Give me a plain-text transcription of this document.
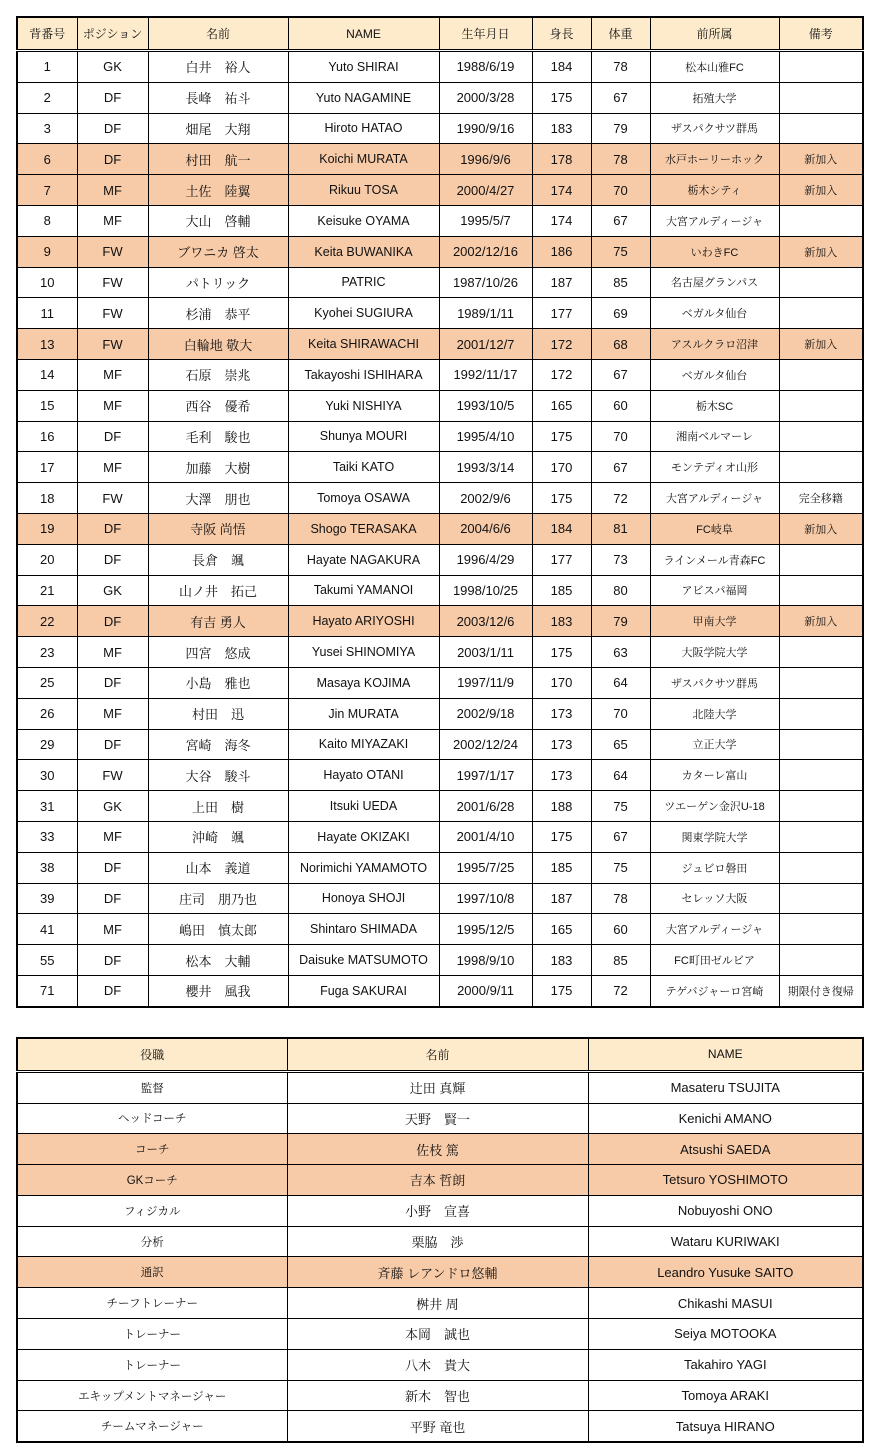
背番号	ポジション	名前	NAME	生年月日	身長	体重	前所属	備考
1	GK	白井　裕人	Yuto SHIRAI	1988/6/19	184	78	松本山雅FC	
2	DF	長峰　祐斗	Yuto NAGAMINE	2000/3/28	175	67	拓殖大学	
3	DF	畑尾　大翔	Hiroto HATAO	1990/9/16	183	79	ザスパクサツ群馬	
6	DF	村田　航一	Koichi MURATA	1996/9/6	178	78	水戸ホーリーホック	新加入
7	MF	土佐　陸翼	Rikuu TOSA	2000/4/27	174	70	栃木シティ	新加入
8	MF	大山　啓輔	Keisuke OYAMA	1995/5/7	174	67	大宮アルディージャ	
9	FW	ブワニカ 啓太	Keita BUWANIKA	2002/12/16	186	75	いわきFC	新加入
10	FW	パトリック	PATRIC	1987/10/26	187	85	名古屋グランパス	
11	FW	杉浦　恭平	Kyohei SUGIURA	1989/1/11	177	69	ベガルタ仙台	
13	FW	白輪地 敬大	Keita SHIRAWACHI	2001/12/7	172	68	アスルクラロ沼津	新加入
14	MF	石原　崇兆	Takayoshi ISHIHARA	1992/11/17	172	67	ベガルタ仙台	
15	MF	西谷　優希	Yuki NISHIYA	1993/10/5	165	60	栃木SC	
16	DF	毛利　駿也	Shunya MOURI	1995/4/10	175	70	湘南ベルマーレ	
17	MF	加藤　大樹	Taiki KATO	1993/3/14	170	67	モンテディオ山形	
18	FW	大澤　朋也	Tomoya OSAWA	2002/9/6	175	72	大宮アルディージャ	完全移籍
19	DF	寺阪 尚悟	Shogo TERASAKA	2004/6/6	184	81	FC岐阜	新加入
20	DF	長倉　颯	Hayate NAGAKURA	1996/4/29	177	73	ラインメール青森FC	
21	GK	山ノ井　拓己	Takumi YAMANOI	1998/10/25	185	80	アビスパ福岡	
22	DF	有吉 勇人	Hayato ARIYOSHI	2003/12/6	183	79	甲南大学	新加入
23	MF	四宮　悠成	Yusei SHINOMIYA	2003/1/11	175	63	大阪学院大学	
25	DF	小島　雅也	Masaya KOJIMA	1997/11/9	170	64	ザスパクサツ群馬	
26	MF	村田　迅	Jin MURATA	2002/9/18	173	70	北陸大学	
29	DF	宮崎　海冬	Kaito MIYAZAKI	2002/12/24	173	65	立正大学	
30	FW	大谷　駿斗	Hayato OTANI	1997/1/17	173	64	カターレ富山	
31	GK	上田　樹	Itsuki UEDA	2001/6/28	188	75	ツエーゲン金沢U-18	
33	MF	沖崎　颯	Hayate OKIZAKI	2001/4/10	175	67	関東学院大学	
38	DF	山本　義道	Norimichi YAMAMOTO	1995/7/25	185	75	ジュビロ磐田	
39	DF	庄司　朋乃也	Honoya SHOJI	1997/10/8	187	78	セレッソ大阪	
41	MF	嶋田　慎太郎	Shintaro SHIMADA	1995/12/5	165	60	大宮アルディージャ	
55	DF	松本　大輔	Daisuke MATSUMOTO	1998/9/10	183	85	FC町田ゼルビア	
71	DF	櫻井　風我	Fuga SAKURAI	2000/9/11	175	72	テゲバジャーロ宮崎	期限付き復帰
役職	名前	NAME
監督	辻田 真輝	Masateru TSUJITA
ヘッドコーチ	天野　賢一	Kenichi AMANO
コーチ	佐枝 篤	Atsushi SAEDA
GKコーチ	吉本 哲朗	Tetsuro YOSHIMOTO
フィジカル	小野　宣喜	Nobuyoshi ONO
分析	栗脇　渉	Wataru KURIWAKI
通訳	斉藤 レアンドロ悠輔	Leandro Yusuke SAITO
チーフトレーナー	桝井 周	Chikashi MASUI
トレーナー	本岡　誠也	Seiya MOTOOKA
トレーナー	八木　貴大	Takahiro YAGI
エキップメントマネージャー	新木　智也	Tomoya ARAKI
チームマネージャー	平野 竜也	Tatsuya HIRANO
